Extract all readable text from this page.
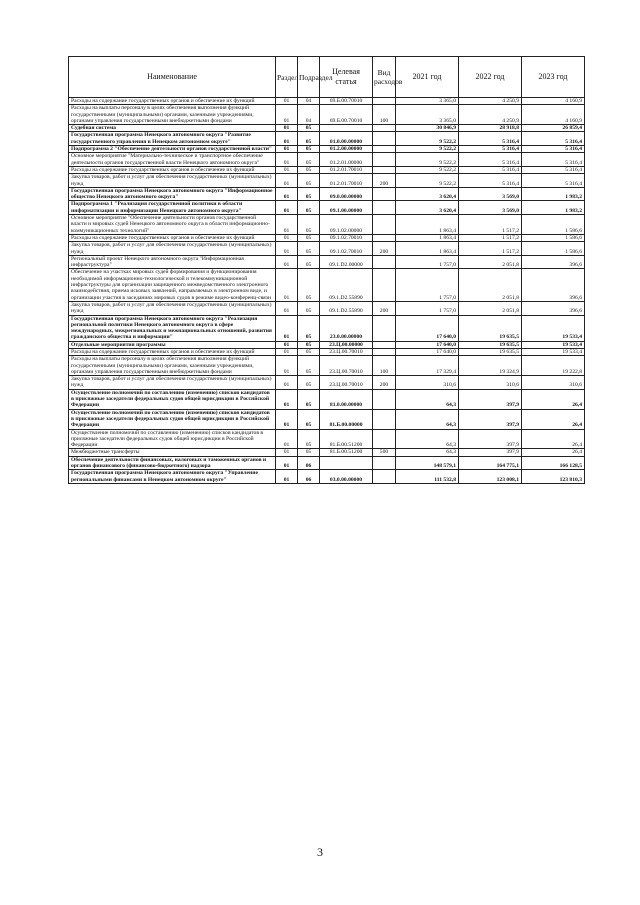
Наименование	Раздел	Подраздел	Целевая статья	Вид расходов	2021 год	2022 год	2023 год
Расходы на содержание государственных органов и обеспечение их функций	01	04	69.Б.00.70010		3 365,0	4 250,9	4 160,9
Расходы на выплаты персоналу в целях обеспечения выполнения функций государственными (муниципальными) органами, казенными учреждениями, органами управления государственными внебюджетными фондами	01	04	69.Б.00.70010	100	3 365,0	4 250,9	4 160,9
Судебная система	01	05			30 846,9	28 918,8	26 859,4
Государственная программа Ненецкого автономного округа "Развитие государственного управления в Ненецком автономном округе"	01	05	01.0.00.00000		9 522,2	5 316,4	5 316,4
Подпрограмма 2 "Обеспечение деятельности органов государственной власти"	01	05	01.2.00.00000		9 522,2	5 316,4	5 316,4
Основное мероприятие "Материально-техническое и транспортное обеспечение деятельности органов государственной власти Ненецкого автономного округа"	01	05	01.2.01.00000		9 522,2	5 316,4	5 316,4
Расходы на содержание государственных органов и обеспечение их функций	01	05	01.2.01.70010		9 522,2	5 316,4	5 316,4
Закупка товаров, работ и услуг для обеспечения государственных (муниципальных) нужд	01	05	01.2.01.70010	200	9 522,2	5 316,4	5 316,4
Государственная программа Ненецкого автономного округа "Информационное общество Ненецкого автономного округа"	01	05	09.0.00.00000		3 620,4	3 569,0	1 983,2
Подпрограмма 1 "Реализация государственной политики в области информатизации и информизации Ненецкого автономного округа"	01	05	09.1.00.00000		3 620,4	3 569,0	1 983,2
Основное мероприятие "Обеспечение деятельности органов государственной власти и мировых судей Ненецкого автономного округа в области информационно-коммуникационных технологий"	01	05	09.1.02.00000		1 863,4	1 517,2	1 586,6
Расходы на содержание государственных органов и обеспечение их функций	01	05	09.1.02.70010		1 863,4	1 517,2	1 586,6
Закупка товаров, работ и услуг для обеспечения государственных (муниципальных) нужд	01	05	09.1.02.70010	200	1 863,4	1 517,2	1 586,6
Региональный проект Ненецкого автономного округа "Информационная инфраструктура"	01	05	09.1.D2.00000		1 757,0	2 051,8	396,6
Обеспечение на участках мировых судей формирования и функционирования необходимой информационно-технологической и телекоммуникационной инфраструктуры для организации защищенного межведомственного электронного взаимодействия, приема исковых заявлений, направляемых в электронном виде, и организации участия в заседаниях мировых судов в режиме видео-конференц-связи	01	05	09.1.D2.55890		1 757,0	2 051,8	396,6
Закупка товаров, работ и услуг для обеспечения государственных (муниципальных) нужд	01	05	09.1.D2.55890	200	1 757,0	2 051,8	396,6
Государственная программа Ненецкого автономного округа "Реализация региональной политики Ненецкого автономного округа в сфере международных, межрегиональных и межнациональных отношений, развития гражданского общества и информации"	01	05	23.0.00.00000		17 640,0	19 635,5	19 533,4
Отдельные мероприятия программы	01	05	23.Ц.00.00000		17 640,0	19 635,5	19 533,4
Расходы на содержание государственных органов и обеспечение их функций	01	05	23.Ц.00.70010		17 640,0	19 635,5	19 533,4
Расходы на выплаты персоналу в целях обеспечения выполнения функций государственными (муниципальными) органами, казенными учреждениями, органами управления государственными внебюджетными фондами	01	05	23.Ц.00.70010	100	17 329,4	19 324,9	19 222,8
Закупка товаров, работ и услуг для обеспечения государственных (муниципальных) нужд	01	05	23.Ц.00.70010	200	310,6	310,6	310,6
Осуществление полномочий по составлению (изменению) списков кандидатов в присяжные заседатели федеральных судов общей юрисдикции в Российской Федерации	01	05	81.0.00.00000		64,3	397,9	26,4
Осуществление полномочий по составлению (изменению) списков кандидатов в присяжные заседатели федеральных судов общей юрисдикции в Российской Федерации	01	05	81.Б.00.00000		64,3	397,9	26,4
Осуществление полномочий по составлению (изменению) списков кандидатов в присяжные заседатели федеральных судов общей юрисдикции в Российской Федерации	01	05	81.Б.00.51200		64,3	397,9	26,4
Межбюджетные трансферты	01	05	81.Б.00.51200	500	64,3	397,9	26,4
Обеспечение деятельности финансовых, налоговых и таможенных органов и органов финансового (финансово-бюджетного) надзора	01	06			148 579,1	164 775,1	166 128,5
Государственная программа Ненецкого автономного округа "Управление региональными финансами в Ненецком автономном округе"	01	06	03.0.00.00000		111 532,8	123 008,1	123 810,3
3
